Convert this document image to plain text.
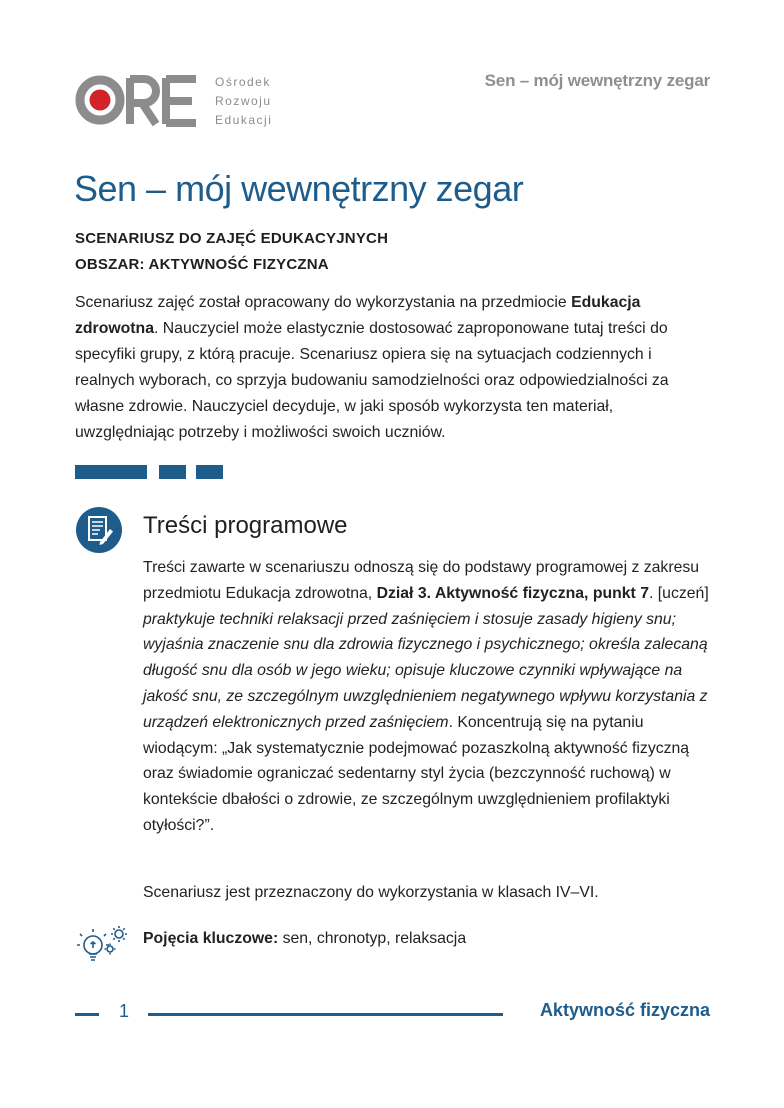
Ośrodek
Rozwoju
Edukacji
Sen – mój wewnętrzny zegar
Sen – mój wewnętrzny zegar
SCENARIUSZ DO ZAJĘĆ EDUKACYJNYCH
OBSZAR: AKTYWNOŚĆ FIZYCZNA

Scenariusz zajęć został opracowany do wykorzystania na przedmiocie Edukacja zdrowotna. Nauczyciel może elastycznie dostosować zaproponowane tutaj treści do specyfiki grupy, z którą pracuje. Scenariusz opiera się na sytuacjach codziennych i realnych wyborach, co sprzyja budowaniu samodzielności oraz odpowiedzialności za własne zdrowie. Nauczyciel decyduje, w jaki sposób wykorzysta ten materiał, uwzględniając potrzeby i możliwości swoich uczniów.

Treści programowe

Treści zawarte w scenariuszu odnoszą się do podstawy programowej z zakresu przedmiotu Edukacja zdrowotna, Dział 3. Aktywność fizyczna, punkt 7. [uczeń] praktykuje techniki relaksacji przed zaśnięciem i stosuje zasady higieny snu; wyjaśnia znaczenie snu dla zdrowia fizycznego i psychicznego; określa zalecaną długość snu dla osób w jego wieku; opisuje kluczowe czynniki wpływające na jakość snu, ze szczególnym uwzględnieniem negatywnego wpływu korzystania z urządzeń elektronicznych przed zaśnięciem. Koncentrują się na pytaniu wiodącym: „Jak systematycznie podejmować pozaszkolną aktywność fizyczną oraz świadomie ograniczać sedentarny styl życia (bezczynność ruchową) w kontekście dbałości o zdrowie, ze szczególnym uwzględnieniem profilaktyki otyłości?”.

Scenariusz jest przeznaczony do wykorzystania w klasach IV–VI.

Pojęcia kluczowe: sen, chronotyp, relaksacja
1	Aktywność fizyczna
